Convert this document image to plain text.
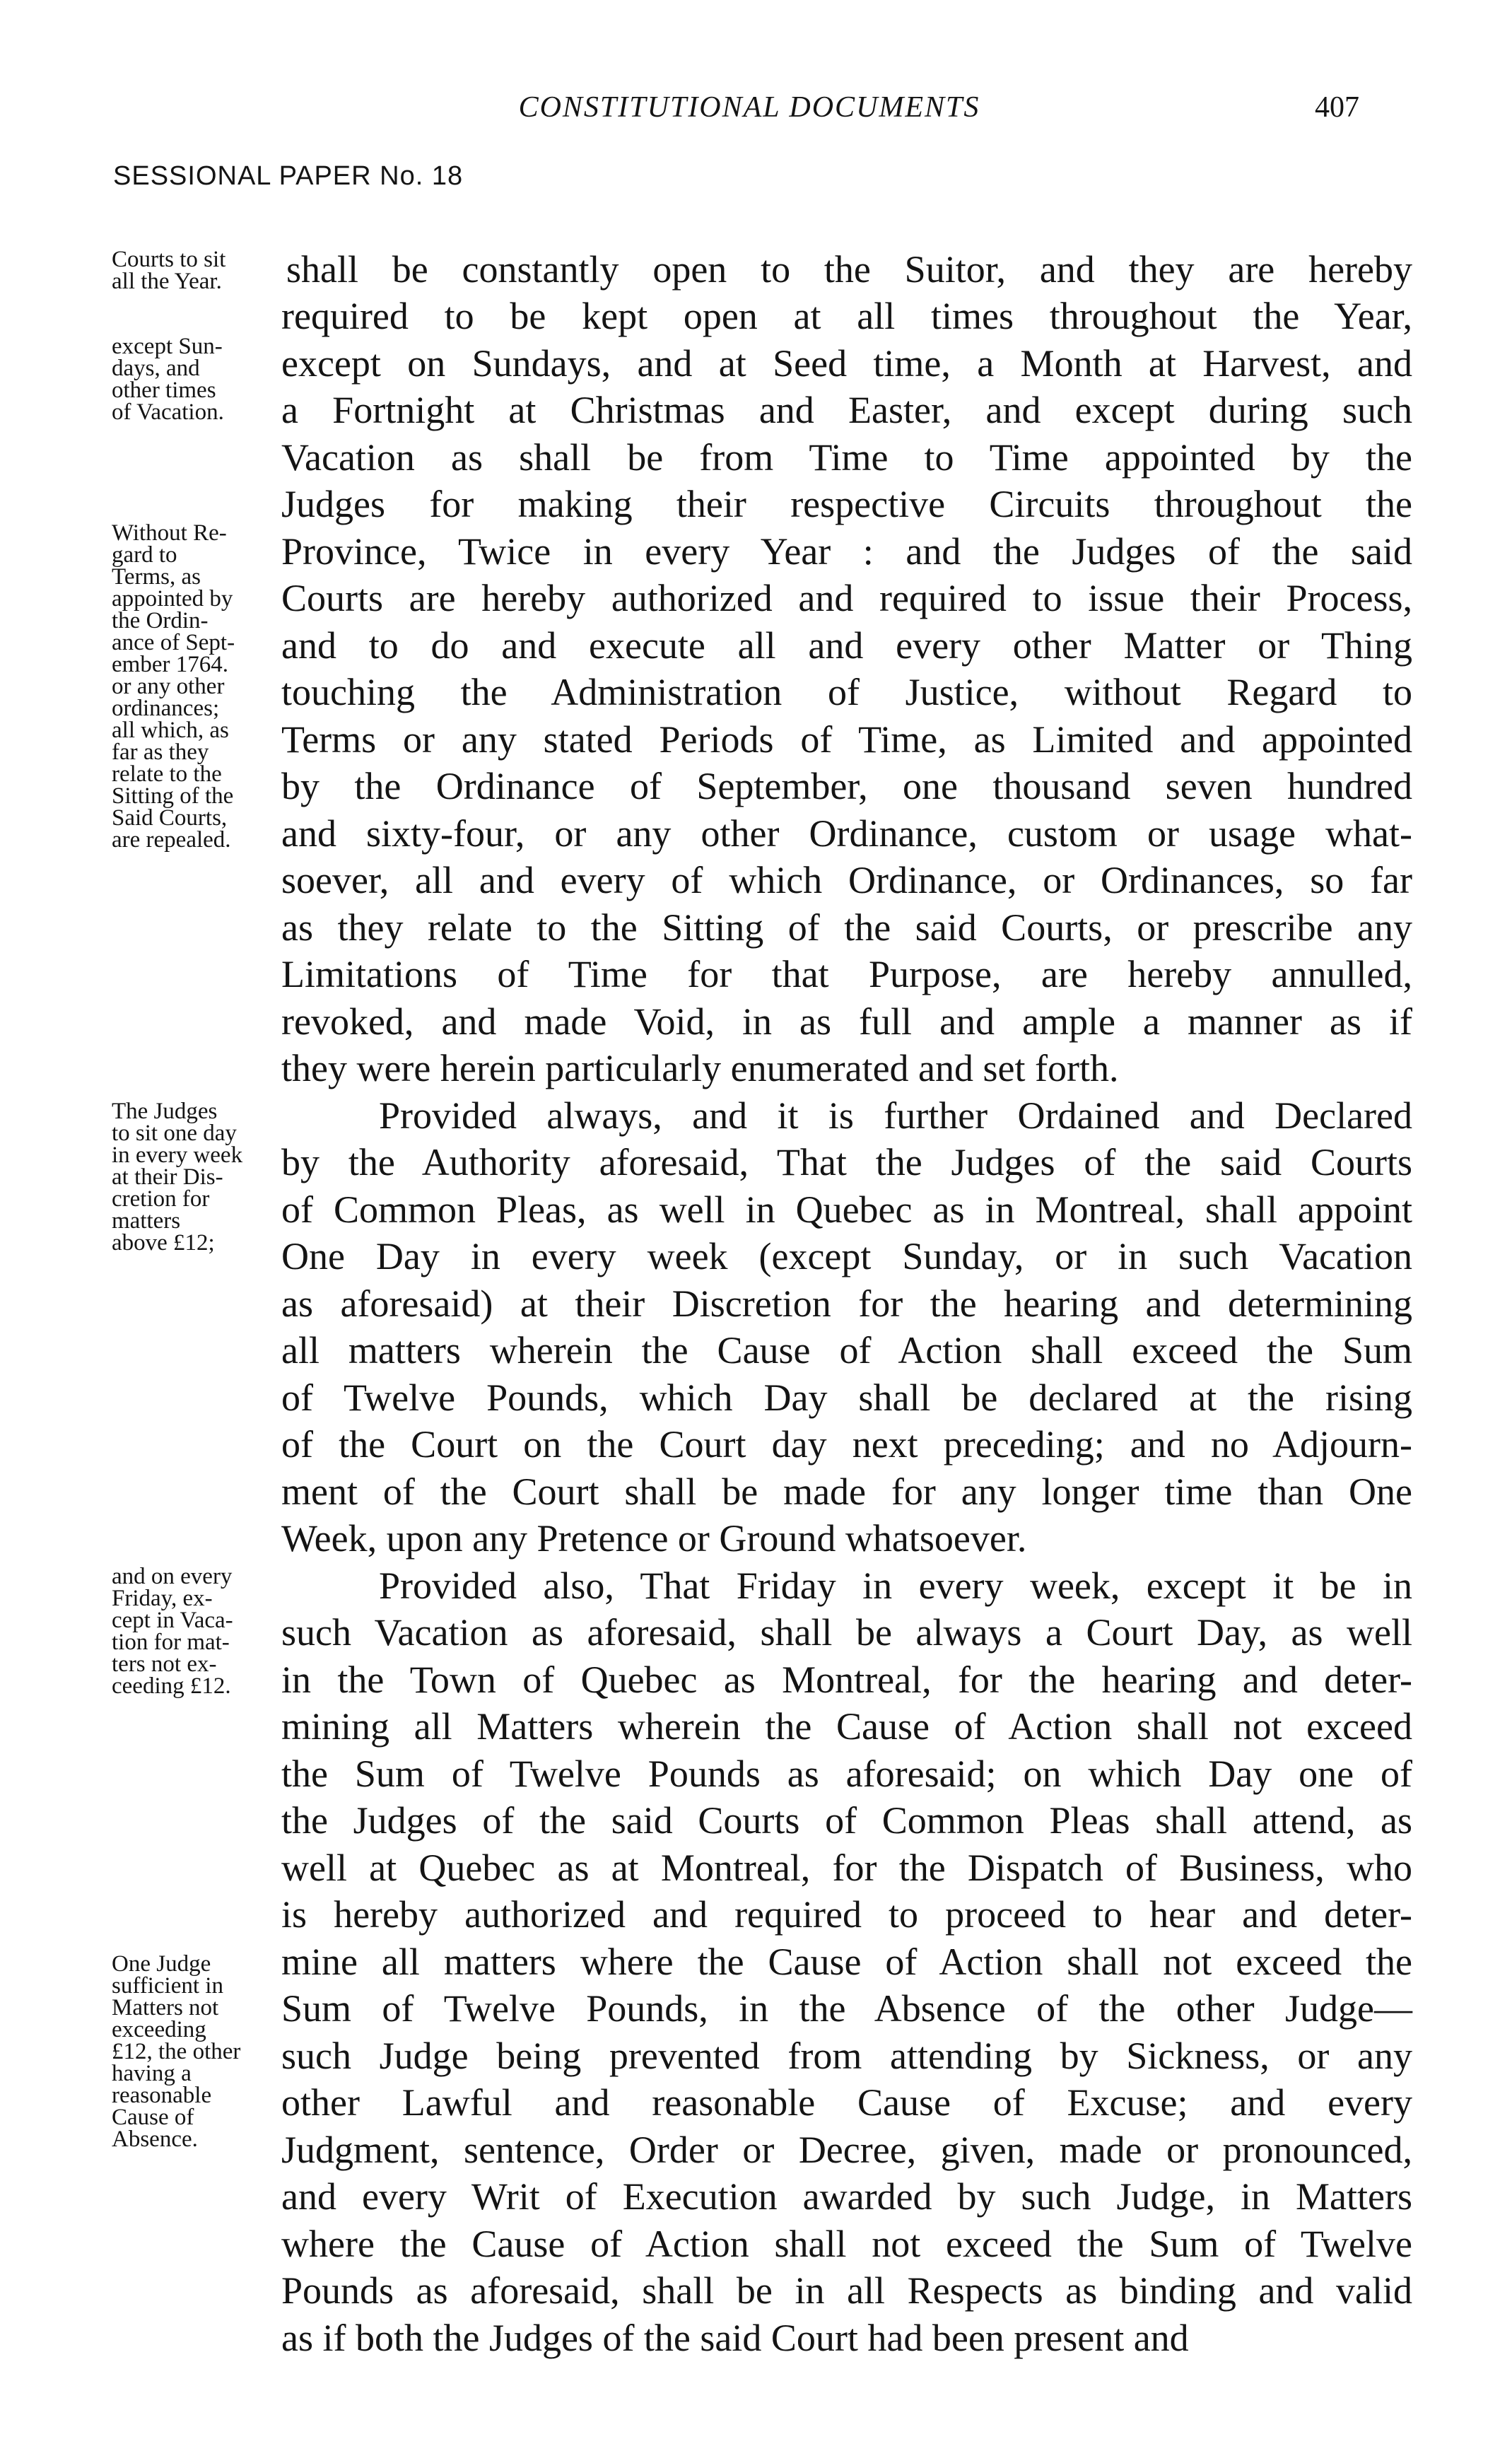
CONSTITUTIONAL DOCUMENTS	407
SESSIONAL PAPER No. 18
Courts to sit
all the Year.
except Sun-
days, and
other times
of Vacation.
Without Re-
gard to
Terms, as
appointed by
the Ordin-
ance of Sept-
ember 1764.
or any other
ordinances;
all which, as
far as they
relate to the
Sitting of the
Said Courts,
are repealed.
The Judges
to sit one day
in every week
at their Dis-
cretion for
matters
above £12;
and on every
Friday, ex-
cept in Vaca-
tion for mat-
ters not ex-
ceeding £12.
One Judge
sufficient in
Matters not
exceeding
£12, the other
having a
reasonable
Cause of
Absence.

shall be constantly open to the Suitor, and they are hereby

required to be kept open at all times throughout the Year,

except on Sundays, and at Seed time, a Month at Harvest, and

a Fortnight at Christmas and Easter, and except during such

Vacation as shall be from Time to Time appointed by the

Judges for making their respective Circuits throughout the

Province, Twice in every Year : and the Judges of the said

Courts are hereby authorized and required to issue their Process,

and to do and execute all and every other Matter or Thing

touching the Administration of Justice, without Regard to

Terms or any stated Periods of Time, as Limited and appointed

by the Ordinance of September, one thousand seven hundred

and sixty-four, or any other Ordinance, custom or usage what-

soever, all and every of which Ordinance, or Ordinances, so far

as they relate to the Sitting of the said Courts, or prescribe any

Limitations of Time for that Purpose, are hereby annulled,

revoked, and made Void, in as full and ample a manner as if

they were herein particularly enumerated and set forth.

Provided always, and it is further Ordained and Declared

by the Authority aforesaid, That the Judges of the said Courts

of Common Pleas, as well in Quebec as in Montreal, shall appoint

One Day in every week (except Sunday, or in such Vacation

as aforesaid) at their Discretion for the hearing and determining

all matters wherein the Cause of Action shall exceed the Sum

of Twelve Pounds, which Day shall be declared at the rising

of the Court on the Court day next preceding; and no Adjourn-

ment of the Court shall be made for any longer time than One

Week, upon any Pretence or Ground whatsoever.

Provided also, That Friday in every week, except it be in

such Vacation as aforesaid, shall be always a Court Day, as well

in the Town of Quebec as Montreal, for the hearing and deter-

mining all Matters wherein the Cause of Action shall not exceed

the Sum of Twelve Pounds as aforesaid; on which Day one of

the Judges of the said Courts of Common Pleas shall attend, as

well at Quebec as at Montreal, for the Dispatch of Business, who

is hereby authorized and required to proceed to hear and deter-

mine all matters where the Cause of Action shall not exceed the

Sum of Twelve Pounds, in the Absence of the other Judge—

such Judge being prevented from attending by Sickness, or any

other Lawful and reasonable Cause of Excuse; and every

Judgment, sentence, Order or Decree, given, made or pronounced,

and every Writ of Execution awarded by such Judge, in Matters

where the Cause of Action shall not exceed the Sum of Twelve

Pounds as aforesaid, shall be in all Respects as binding and valid

as if both the Judges of the said Court had been present and
